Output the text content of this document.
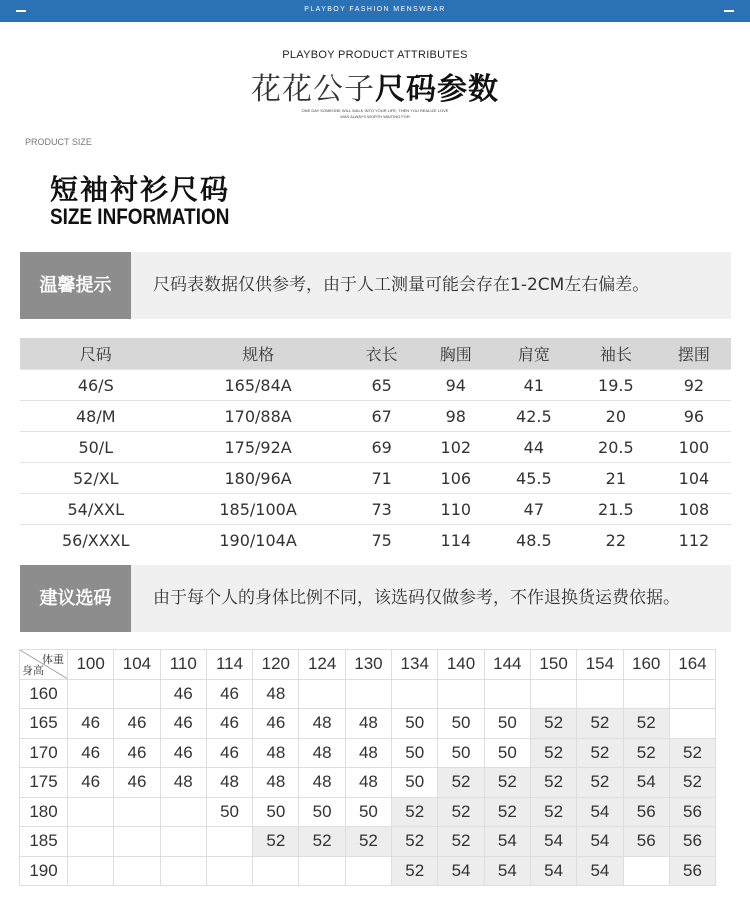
PLAYBOY FASHION MENSWEAR
PLAYBOY PRODUCT ATTRIBUTES
花花公子尺码参数
ONE DAY SOMEONE WILL WALK INTO YOUR LIFE, THEN YOU REALIZE LOVE
WAS ALWAYS WORTH WAITING FOR
PRODUCT SIZE
短袖衬衫尺码
SIZE INFORMATION
温馨提示	尺码表数据仅供参考，由于人工测量可能会存在1-2CM左右偏差。
尺码	规格	衣长	胸围	肩宽	袖长	摆围
46/S	165/84A	65	94	41	19.5	92
48/M	170/88A	67	98	42.5	20	96
50/L	175/92A	69	102	44	20.5	100
52/XL	180/96A	71	106	45.5	21	104
54/XXL	185/100A	73	110	47	21.5	108
56/XXXL	190/104A	75	114	48.5	22	112
建议选码	由于每个人的身体比例不同，该选码仅做参考，不作退换货运费依据。
体重
身高	100	104	110	114	120	124	130	134	140	144	150	154	160	164
160			46	46	48									
165	46	46	46	46	46	48	48	50	50	50	52	52	52	
170	46	46	46	46	48	48	48	50	50	50	52	52	52	52
175	46	46	48	48	48	48	48	50	52	52	52	52	54	52
180				50	50	50	50	52	52	52	52	54	56	56
185					52	52	52	52	52	54	54	54	56	56
190								52	54	54	54	54		56
